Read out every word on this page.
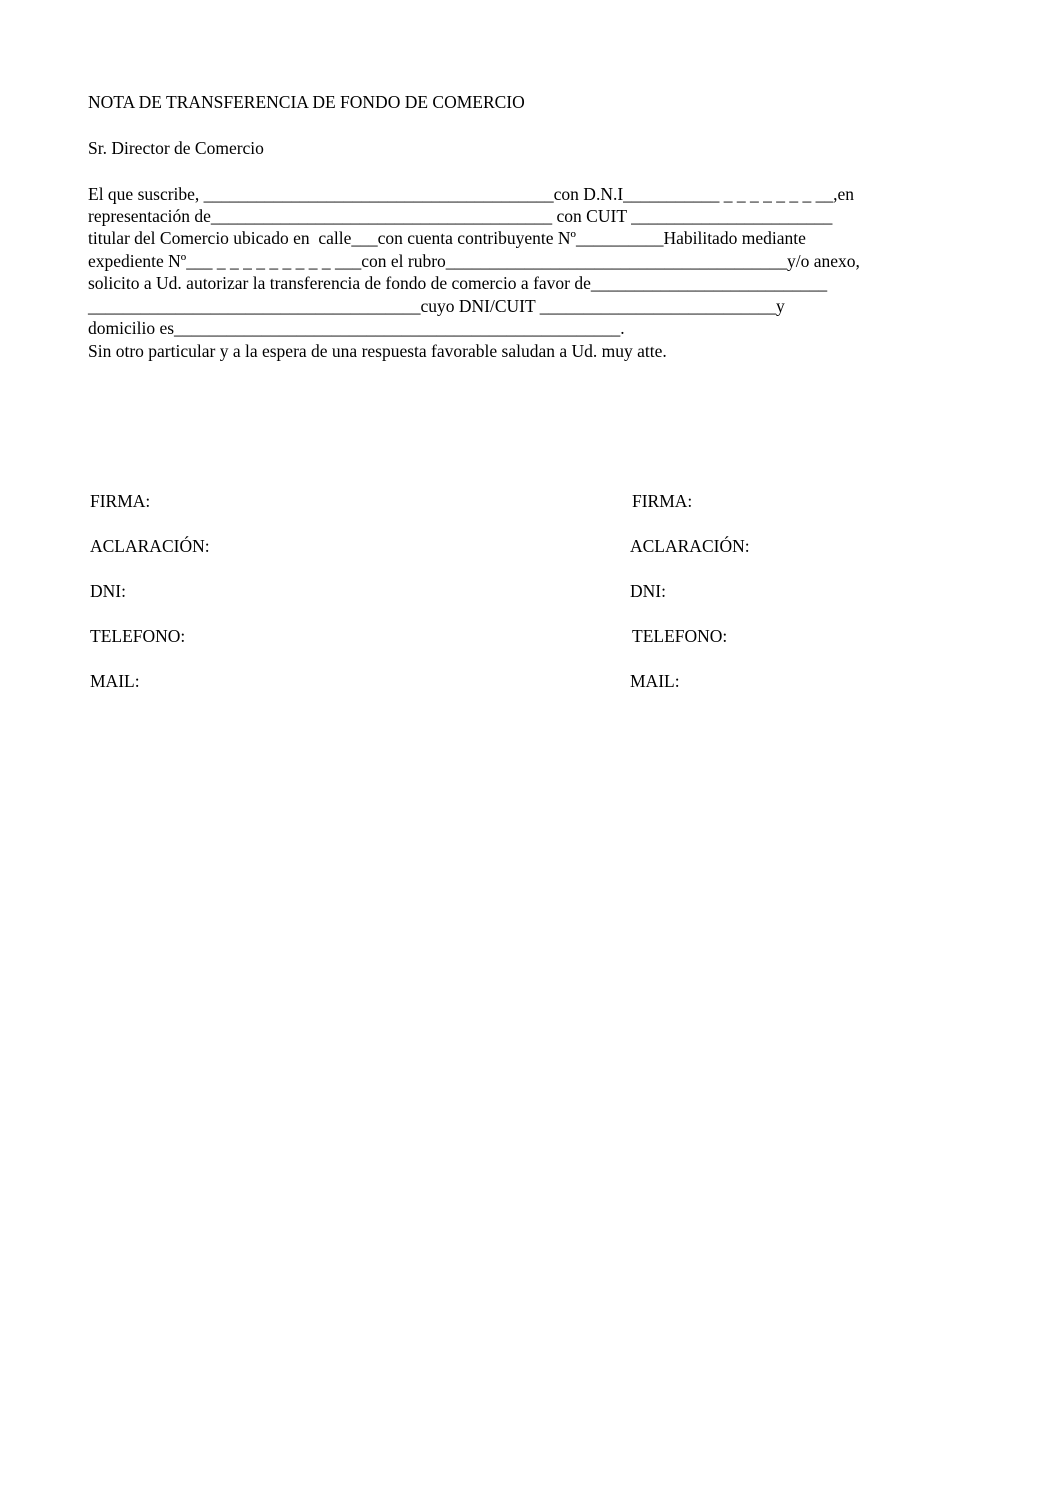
NOTA DE TRANSFERENCIA DE FONDO DE COMERCIO
Sr. Director de Comercio
El que suscribe, ________________________________________con D.N.I___________ _ _ _ _ _ _ _ __,en
representación de_______________________________________ con CUIT _______________________
titular del Comercio ubicado en  calle___con cuenta contribuyente Nº__________Habilitado mediante
expediente Nº___ _ _ _ _ _ _ _ _ _ ___con el rubro_______________________________________y/o anexo,
solicito a Ud. autorizar la transferencia de fondo de comercio a favor de___________________________
______________________________________cuyo DNI/CUIT ___________________________y
domicilio es___________________________________________________.
Sin otro particular y a la espera de una respuesta favorable saludan a Ud. muy atte.
FIRMA:
ACLARACIÓN:
DNI:
TELEFONO:
MAIL:
FIRMA:
ACLARACIÓN:
DNI:
TELEFONO:
MAIL:
